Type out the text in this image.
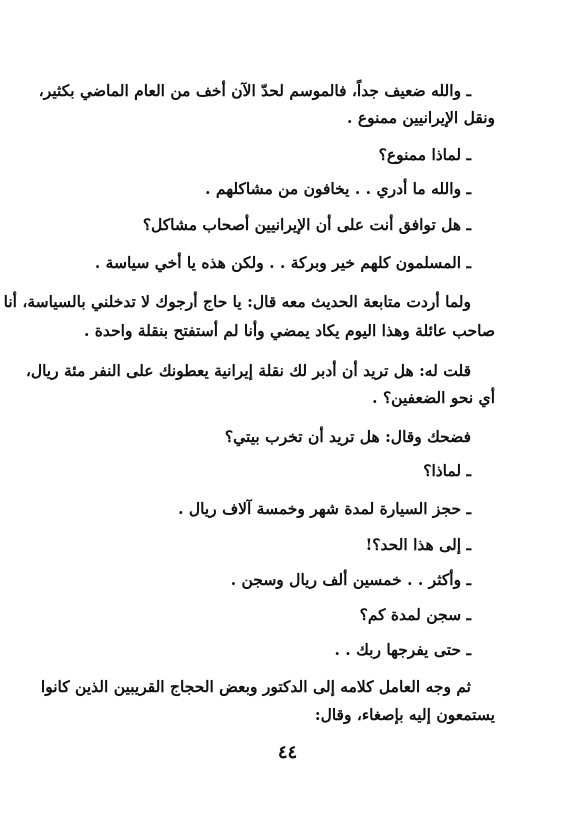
ـ والله ضعيف جداً، فالموسم لحدّ الآن أخف من العام الماضي بكثير،
ونقل الإيرانيين ممنوع .
ـ لماذا ممنوع؟
ـ والله ما أدري . . يخافون من مشاكلهم .
ـ هل توافق أنت على أن الإيرانيين أصحاب مشاكل؟
ـ المسلمون كلهم خير وبركة . . ولكن هذه يا أخي سياسة .
ولما أردت متابعة الحديث معه قال: يا حاج أرجوك لا تدخلني بالسياسة، أنا
صاحب عائلة وهذا اليوم يكاد يمضي وأنا لم أستفتح بنقلة واحدة .
قلت له: هل تريد أن أدبر لك نقلة إيرانية يعطونك على النفر مئة ريال،
أي نحو الضعفين؟ .
فضحك وقال: هل تريد أن تخرب بيتي؟
ـ لماذا؟
ـ حجز السيارة لمدة شهر وخمسة آلاف ريال .
ـ إلى هذا الحد؟!
ـ وأكثر . . خمسين ألف ريال وسجن .
ـ سجن لمدة كم؟
ـ حتى يفرجها ربك . .
ثم وجه العامل كلامه إلى الدكتور وبعض الحجاج القريبين الذين كانوا
يستمعون إليه بإصغاء، وقال:
٤٤
